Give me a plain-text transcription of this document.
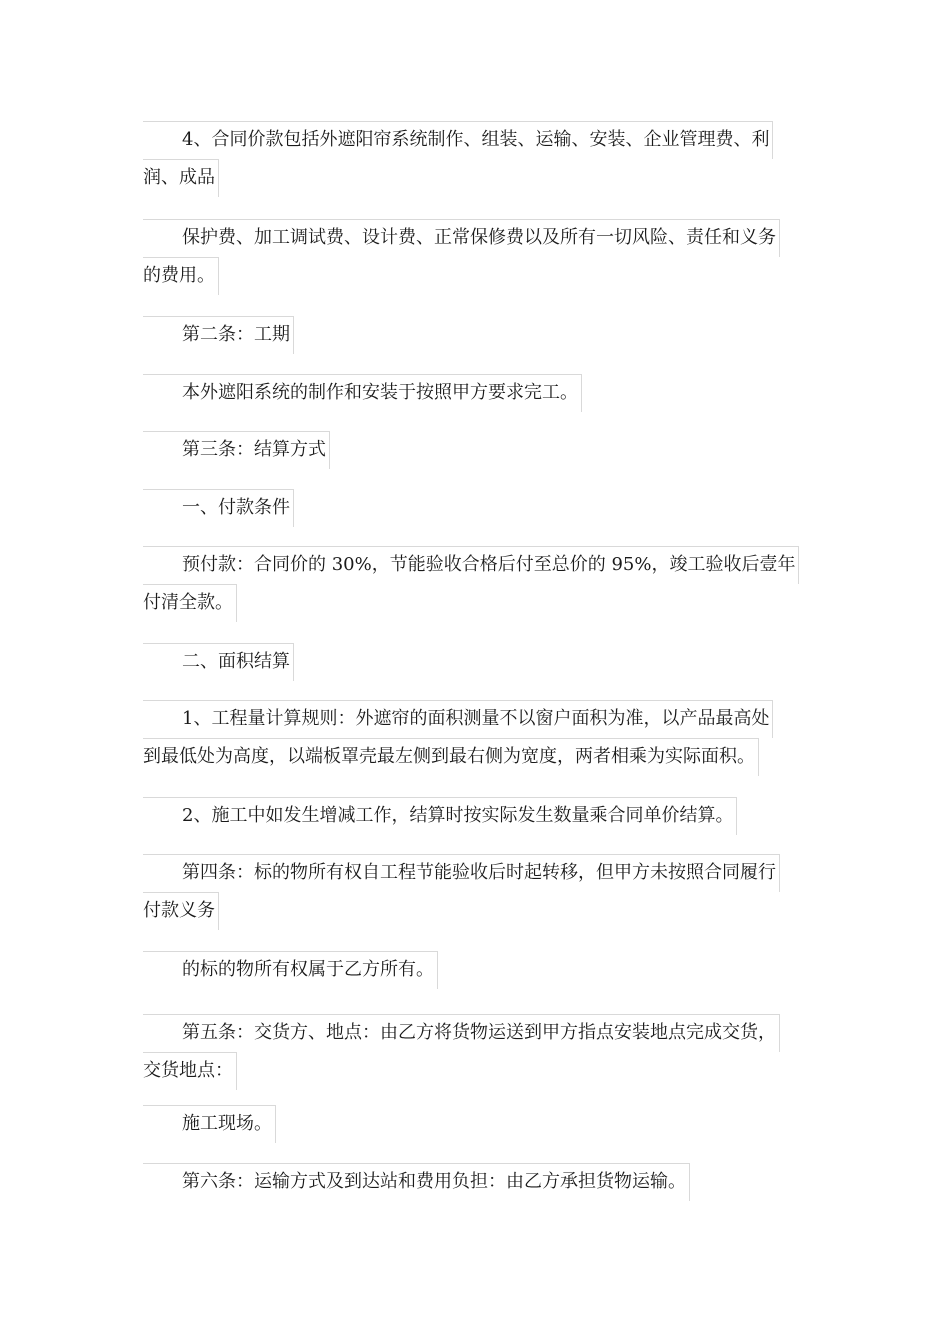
4、合同价款包括外遮阳帘系统制作、组装、运输、安装、企业管理费、利
润、成品
保护费、加工调试费、设计费、正常保修费以及所有一切风险、责任和义务
的费用。
第二条：工期
本外遮阳系统的制作和安装于按照甲方要求完工。
第三条：结算方式
一、付款条件
预付款：合同价的 30%，节能验收合格后付至总价的 95%，竣工验收后壹年
付清全款。
二、面积结算
1、工程量计算规则：外遮帘的面积测量不以窗户面积为准，以产品最高处
到最低处为高度，以端板罩壳最左侧到最右侧为宽度，两者相乘为实际面积。
2、施工中如发生增减工作，结算时按实际发生数量乘合同单价结算。
第四条：标的物所有权自工程节能验收后时起转移，但甲方未按照合同履行
付款义务
的标的物所有权属于乙方所有。
第五条：交货方、地点：由乙方将货物运送到甲方指点安装地点完成交货，
交货地点：
施工现场。
第六条：运输方式及到达站和费用负担：由乙方承担货物运输。
